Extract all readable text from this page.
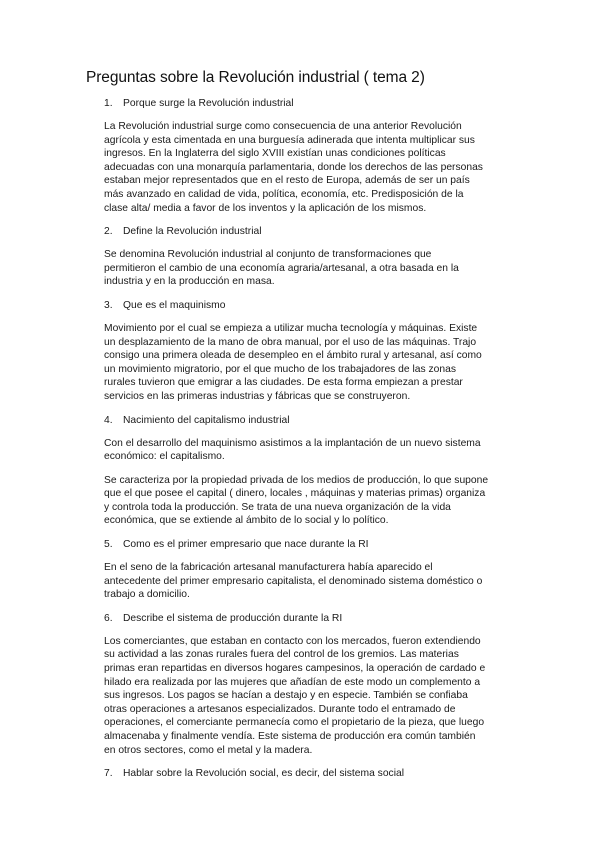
Preguntas sobre la Revolución industrial ( tema 2)
1.	Porque surge la Revolución industrial
La Revolución industrial surge como consecuencia de una anterior Revolución
agrícola y esta cimentada en una burguesía adinerada que intenta multiplicar sus
ingresos. En la Inglaterra del siglo XVIII existían unas condiciones políticas
adecuadas con una monarquía parlamentaria, donde los derechos de las personas
estaban mejor representados que en el resto de Europa, además de ser un país
más avanzado en calidad de vida, política, economía, etc. Predisposición de la
clase alta/ media a favor de los inventos y la aplicación de los mismos.
2.	Define la Revolución industrial
Se denomina Revolución industrial al conjunto de transformaciones que
permitieron el cambio de una economía agraria/artesanal, a otra basada en la
industria y en la producción en masa.
3.	Que es el maquinismo
Movimiento por el cual se empieza a utilizar mucha tecnología y máquinas. Existe
un desplazamiento de la mano de obra manual, por el uso de las máquinas. Trajo
consigo una primera oleada de desempleo en el ámbito rural y artesanal, así como
un movimiento migratorio, por el que mucho de los trabajadores de las zonas
rurales tuvieron que emigrar a las ciudades. De esta forma empiezan a prestar
servicios en las primeras industrias y fábricas que se construyeron.
4.	Nacimiento del capitalismo industrial
Con el desarrollo del maquinismo asistimos a la implantación de un nuevo sistema
económico: el capitalismo.
Se caracteriza por la propiedad privada de los medios de producción, lo que supone
que el que posee el capital ( dinero, locales , máquinas y materias primas) organiza
y controla toda la producción. Se trata de una nueva organización de la vida
económica, que se extiende al ámbito de lo social y lo político.
5.	Como es el primer empresario que nace durante la RI
En el seno de la fabricación artesanal manufacturera había aparecido el
antecedente del primer empresario capitalista, el denominado sistema doméstico o
trabajo a domicilio.
6.	Describe el sistema de producción durante la RI
Los comerciantes, que estaban en contacto con los mercados, fueron extendiendo
su actividad a las zonas rurales fuera del control de los gremios. Las materias
primas eran repartidas en diversos hogares campesinos, la operación de cardado e
hilado era realizada por las mujeres que añadían de este modo un complemento a
sus ingresos. Los pagos se hacían a destajo y en especie. También se confiaba
otras operaciones a artesanos especializados. Durante todo el entramado de
operaciones, el comerciante permanecía como el propietario de la pieza, que luego
almacenaba y finalmente vendía. Este sistema de producción era común también
en otros sectores, como el metal y la madera.
7.	Hablar sobre la Revolución social, es decir, del sistema social
